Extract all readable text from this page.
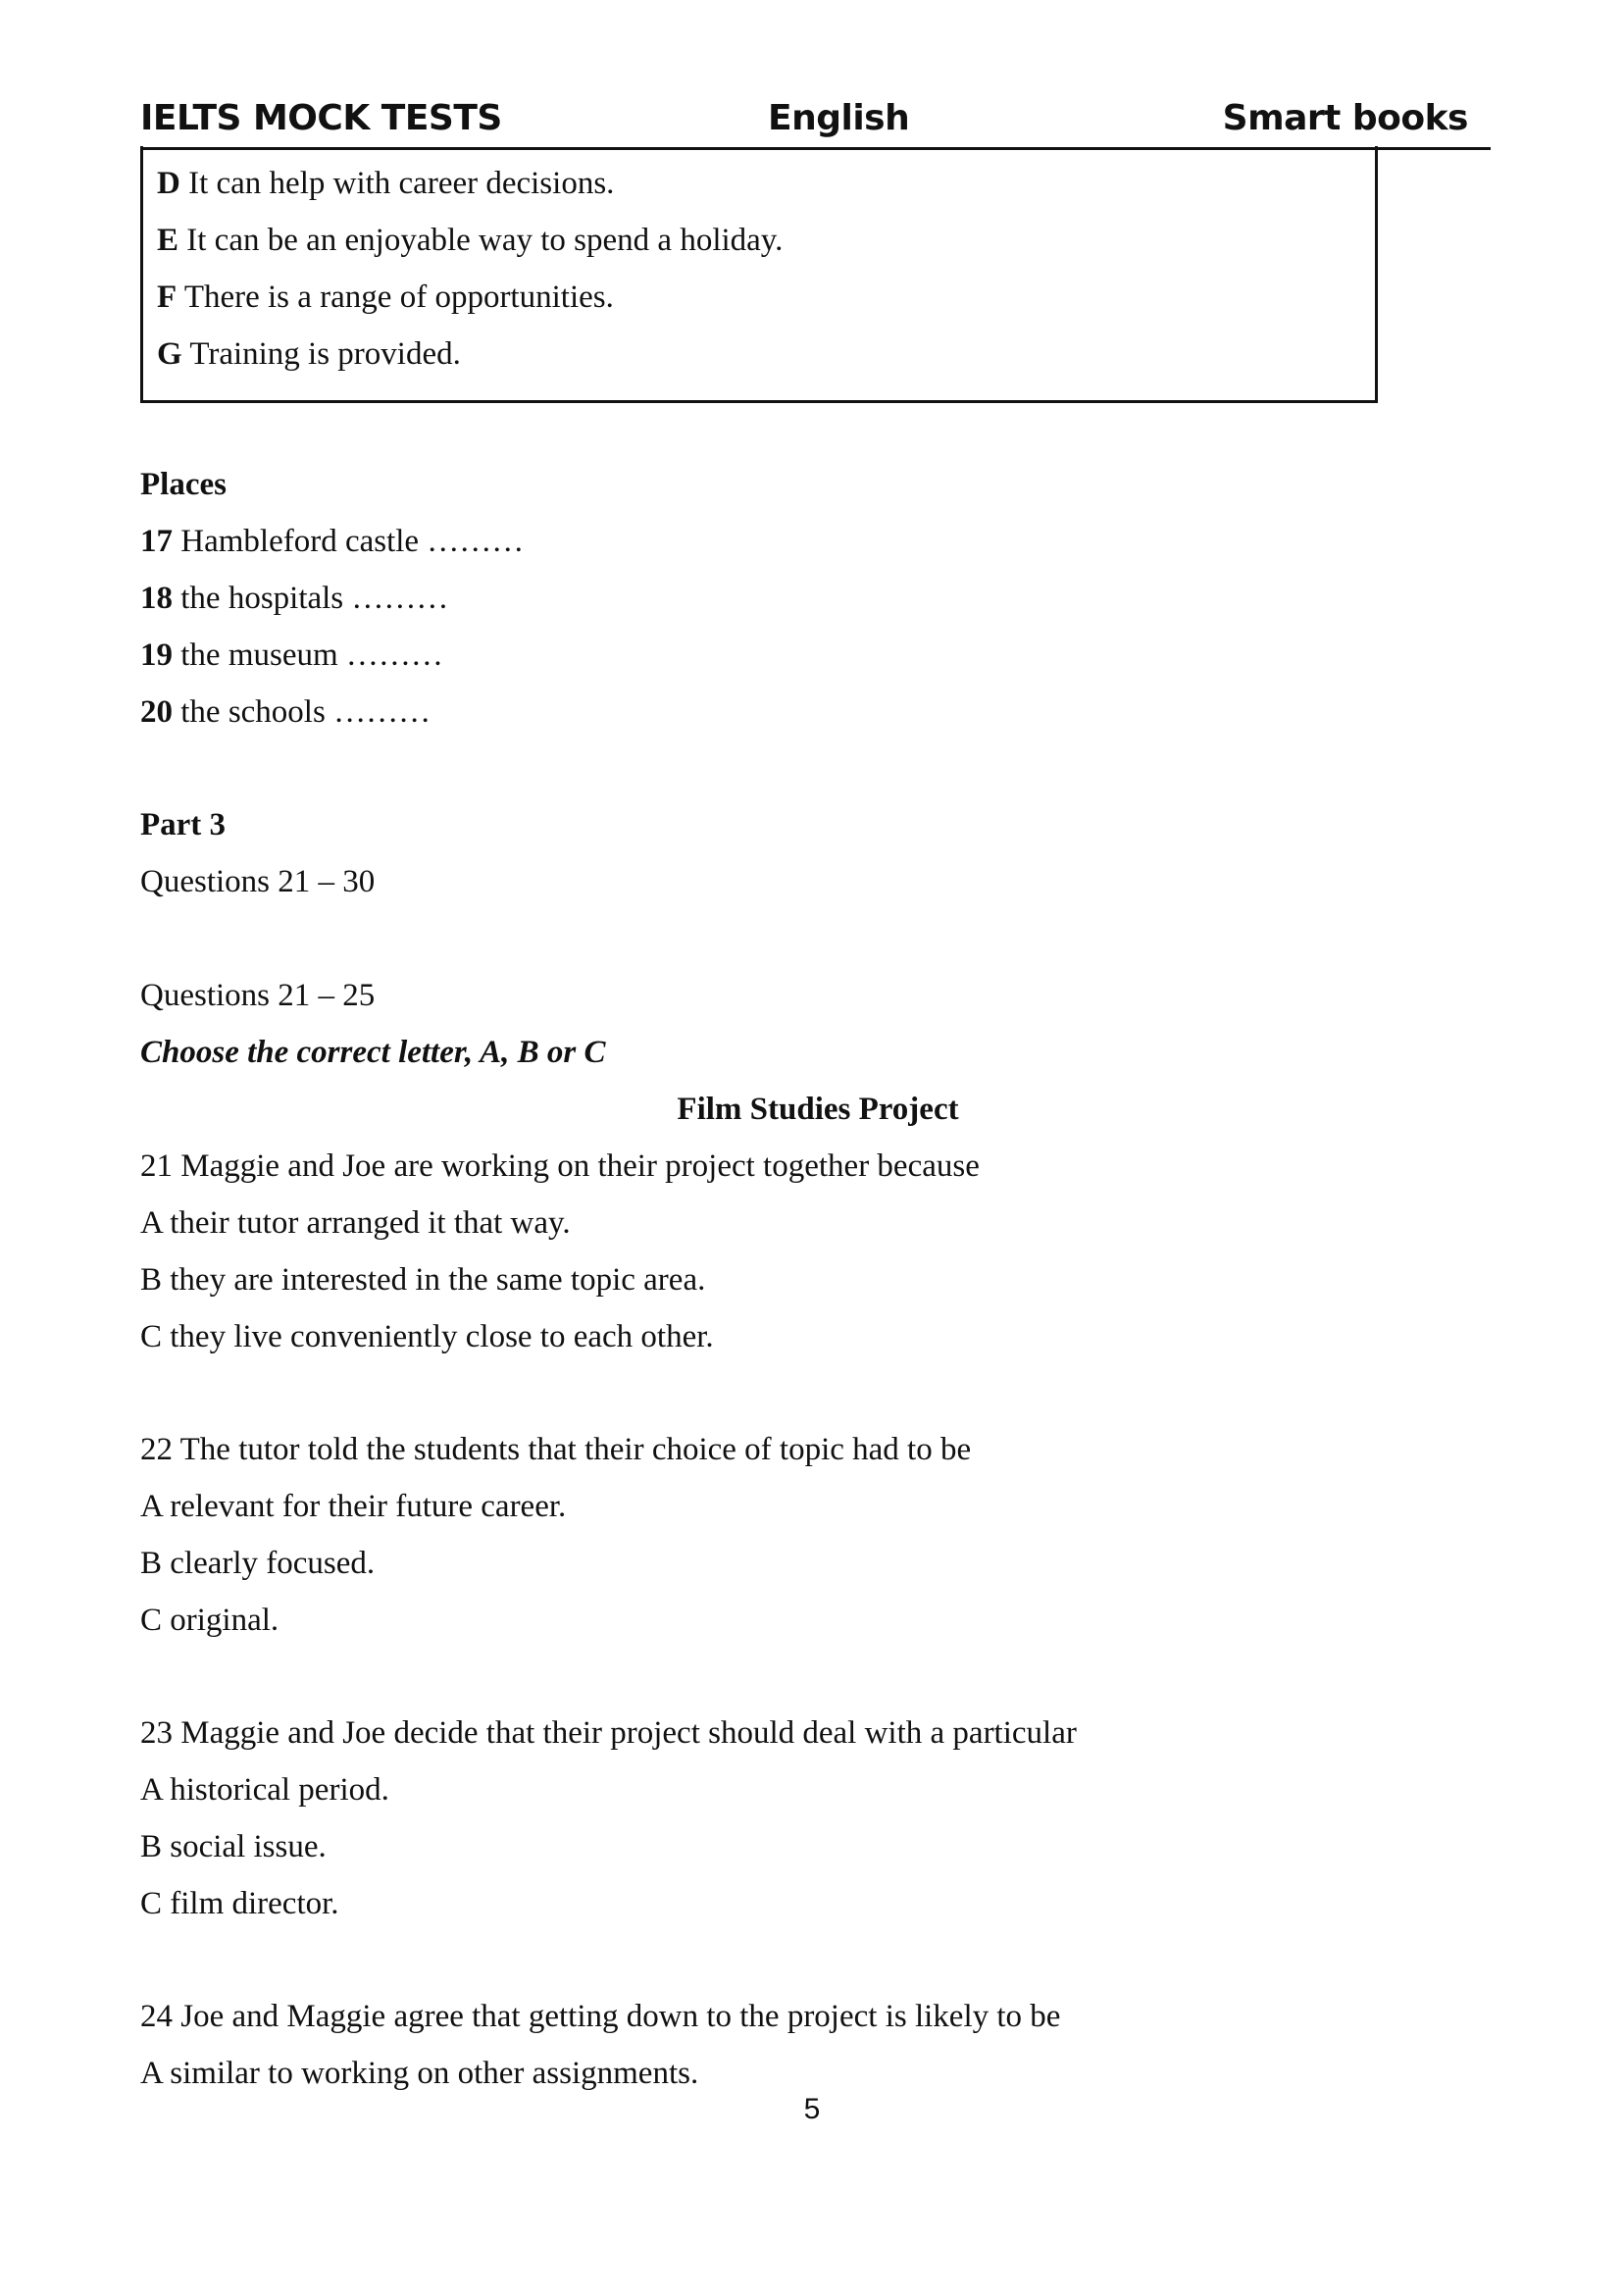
IELTS MOCK TESTS	English	Smart books
D It can help with career decisions.
E It can be an enjoyable way to spend a holiday.
F There is a range of opportunities.
G Training is provided.
Places
17 Hambleford castle ………
18 the hospitals ………
19 the museum ………
20 the schools ………
Part 3
Questions 21 – 30
Questions 21 – 25
Choose the correct letter, A, B or C
Film Studies Project
21 Maggie and Joe are working on their project together because
A their tutor arranged it that way.
B they are interested in the same topic area.
C they live conveniently close to each other.
22 The tutor told the students that their choice of topic had to be
A relevant for their future career.
B clearly focused.
C original.
23 Maggie and Joe decide that their project should deal with a particular
A historical period.
B social issue.
C film director.
24 Joe and Maggie agree that getting down to the project is likely to be
A similar to working on other assignments.
5
